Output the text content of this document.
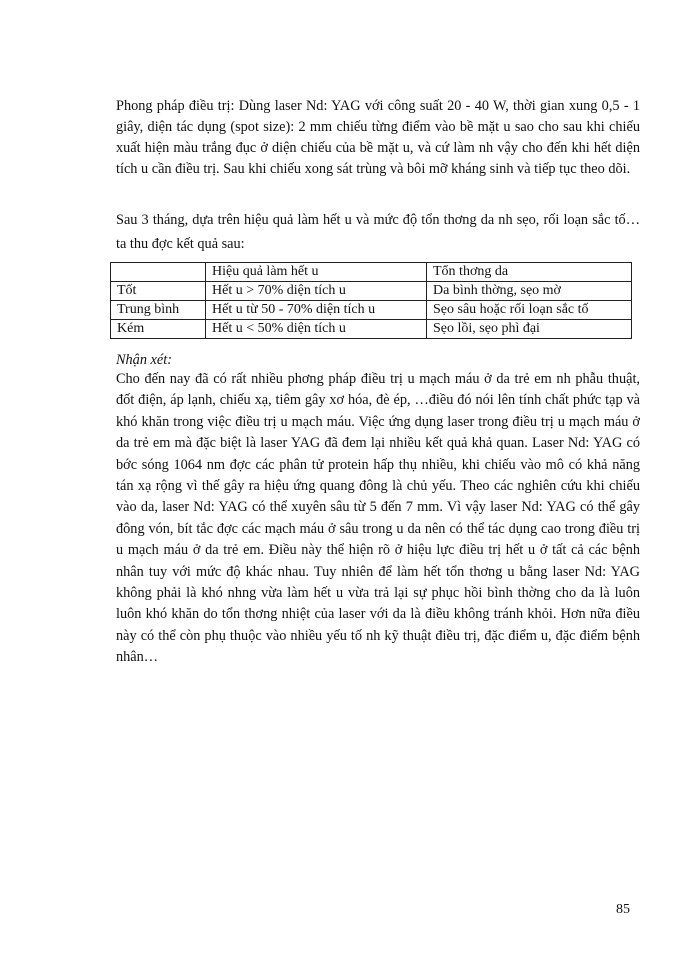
Phong pháp điều trị: Dùng laser Nd: YAG với công suất 20 - 40 W, thời gian xung 0,5 - 1 giây, diện tác dụng (spot size): 2 mm chiếu từng điểm vào bề mặt u sao cho sau khi chiếu xuất hiện màu trắng đục ở diện chiếu của bề mặt u, và cứ làm nh vậy cho đến khi hết diện tích u cần điều trị. Sau khi chiếu xong sát trùng và bôi mỡ kháng sinh và tiếp tục theo dõi.

Sau 3 tháng, dựa trên hiệu quả làm hết u và mức độ tổn thơng da nh sẹo, rối loạn sắc tố… ta thu đợc kết quả sau:

	Hiệu quả làm hết u	Tổn thơng da
Tốt	Hết u > 70% diện tích u	Da bình thờng, sẹo mờ
Trung bình	Hết u từ 50 - 70% diện tích u	Sẹo sâu hoặc rối loạn sắc tố
Kém	Hết u < 50% diện tích u	Sẹo lồi, sẹo phì đại

Nhận xét:

Cho đến nay đã có rất nhiều phơng pháp điều trị u mạch máu ở da trẻ em nh phẫu thuật, đốt điện, áp lạnh, chiếu xạ, tiêm gây xơ hóa, đè ép, …điều đó nói lên tính chất phức tạp và khó khăn trong việc điều trị u mạch máu. Việc ứng dụng laser trong điều trị u mạch máu ở da trẻ em mà đặc biệt là laser YAG đã đem lại nhiều kết quả khả quan. Laser Nd: YAG có bớc sóng 1064 nm đợc các phân tử protein hấp thụ nhiều, khi chiếu vào mô có khả năng tán xạ rộng vì thế gây ra hiệu ứng quang đông là chủ yếu. Theo các nghiên cứu khi chiếu vào da, laser Nd: YAG có thể xuyên sâu từ 5 đến 7 mm. Vì vậy laser Nd: YAG có thể gây đông vón, bít tắc đợc các mạch máu ở sâu trong u da nên có thể tác dụng cao trong điều trị u mạch máu ở da trẻ em. Điều này thể hiện rõ ở hiệu lực điều trị hết u ở tất cả các bệnh nhân tuy với mức độ khác nhau. Tuy nhiên để làm hết tổn thơng u bằng laser Nd: YAG không phải là khó nhng vừa làm hết u vừa trả lại sự phục hồi bình thờng cho da là luôn luôn khó khăn do tổn thơng nhiệt của laser với da là điều không tránh khỏi. Hơn nữa điều này có thể còn phụ thuộc vào nhiều yếu tố nh kỹ thuật điều trị, đặc điểm u, đặc điểm bệnh nhân…

85
